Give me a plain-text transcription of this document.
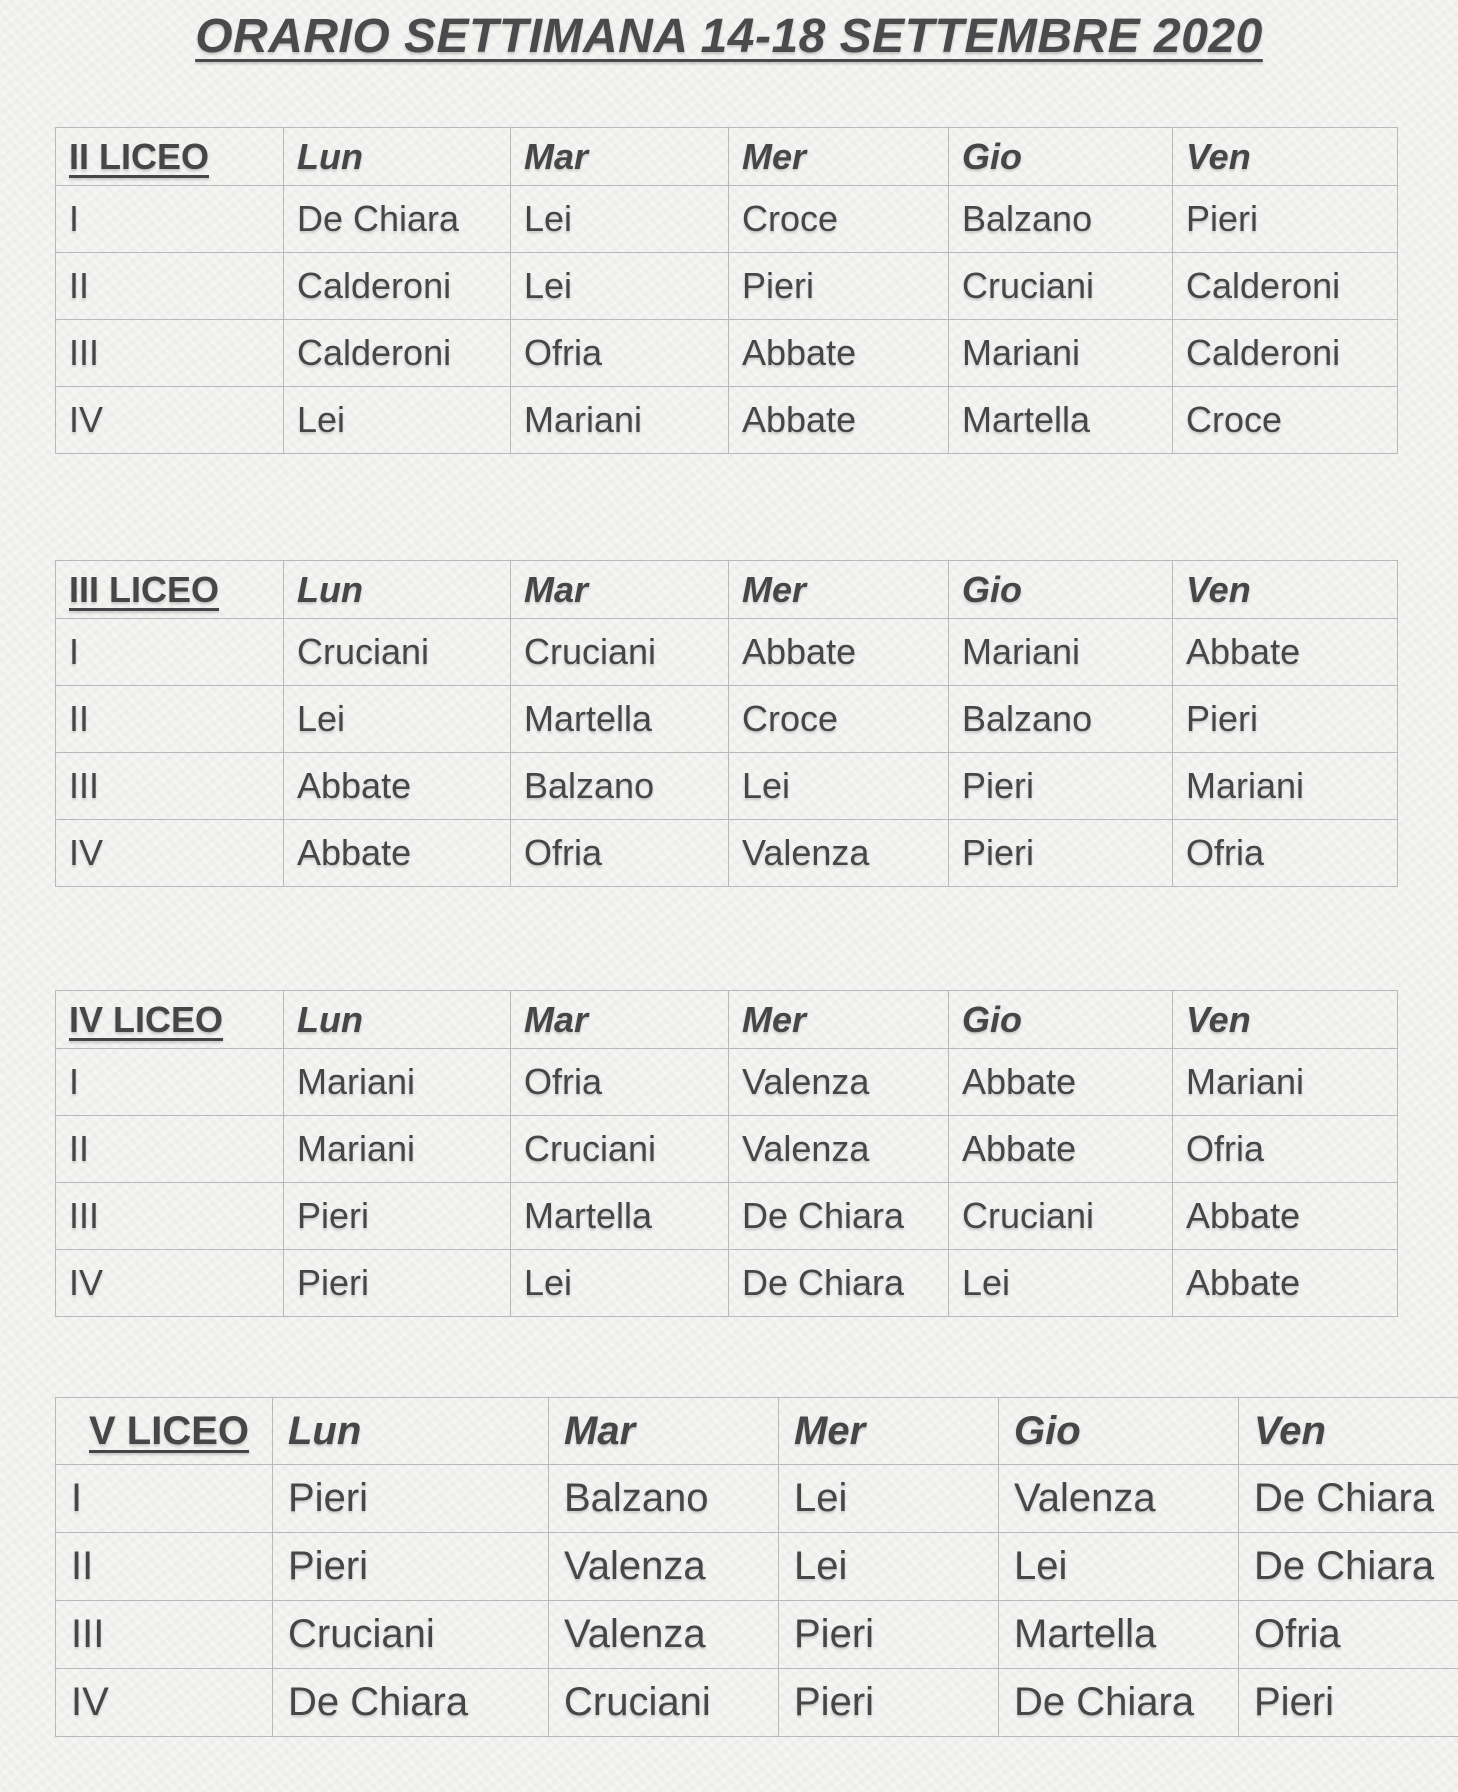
ORARIO SETTIMANA 14-18 SETTEMBRE 2020
II LICEO	Lun	Mar	Mer	Gio	Ven
I	De Chiara	Lei	Croce	Balzano	Pieri
II	Calderoni	Lei	Pieri	Cruciani	Calderoni
III	Calderoni	Ofria	Abbate	Mariani	Calderoni
IV	Lei	Mariani	Abbate	Martella	Croce
III LICEO	Lun	Mar	Mer	Gio	Ven
I	Cruciani	Cruciani	Abbate	Mariani	Abbate
II	Lei	Martella	Croce	Balzano	Pieri
III	Abbate	Balzano	Lei	Pieri	Mariani
IV	Abbate	Ofria	Valenza	Pieri	Ofria
IV LICEO	Lun	Mar	Mer	Gio	Ven
I	Mariani	Ofria	Valenza	Abbate	Mariani
II	Mariani	Cruciani	Valenza	Abbate	Ofria
III	Pieri	Martella	De Chiara	Cruciani	Abbate
IV	Pieri	Lei	De Chiara	Lei	Abbate
V LICEO	Lun	Mar	Mer	Gio	Ven
I	Pieri	Balzano	Lei	Valenza	De Chiara
II	Pieri	Valenza	Lei	Lei	De Chiara
III	Cruciani	Valenza	Pieri	Martella	Ofria
IV	De Chiara	Cruciani	Pieri	De Chiara	Pieri
